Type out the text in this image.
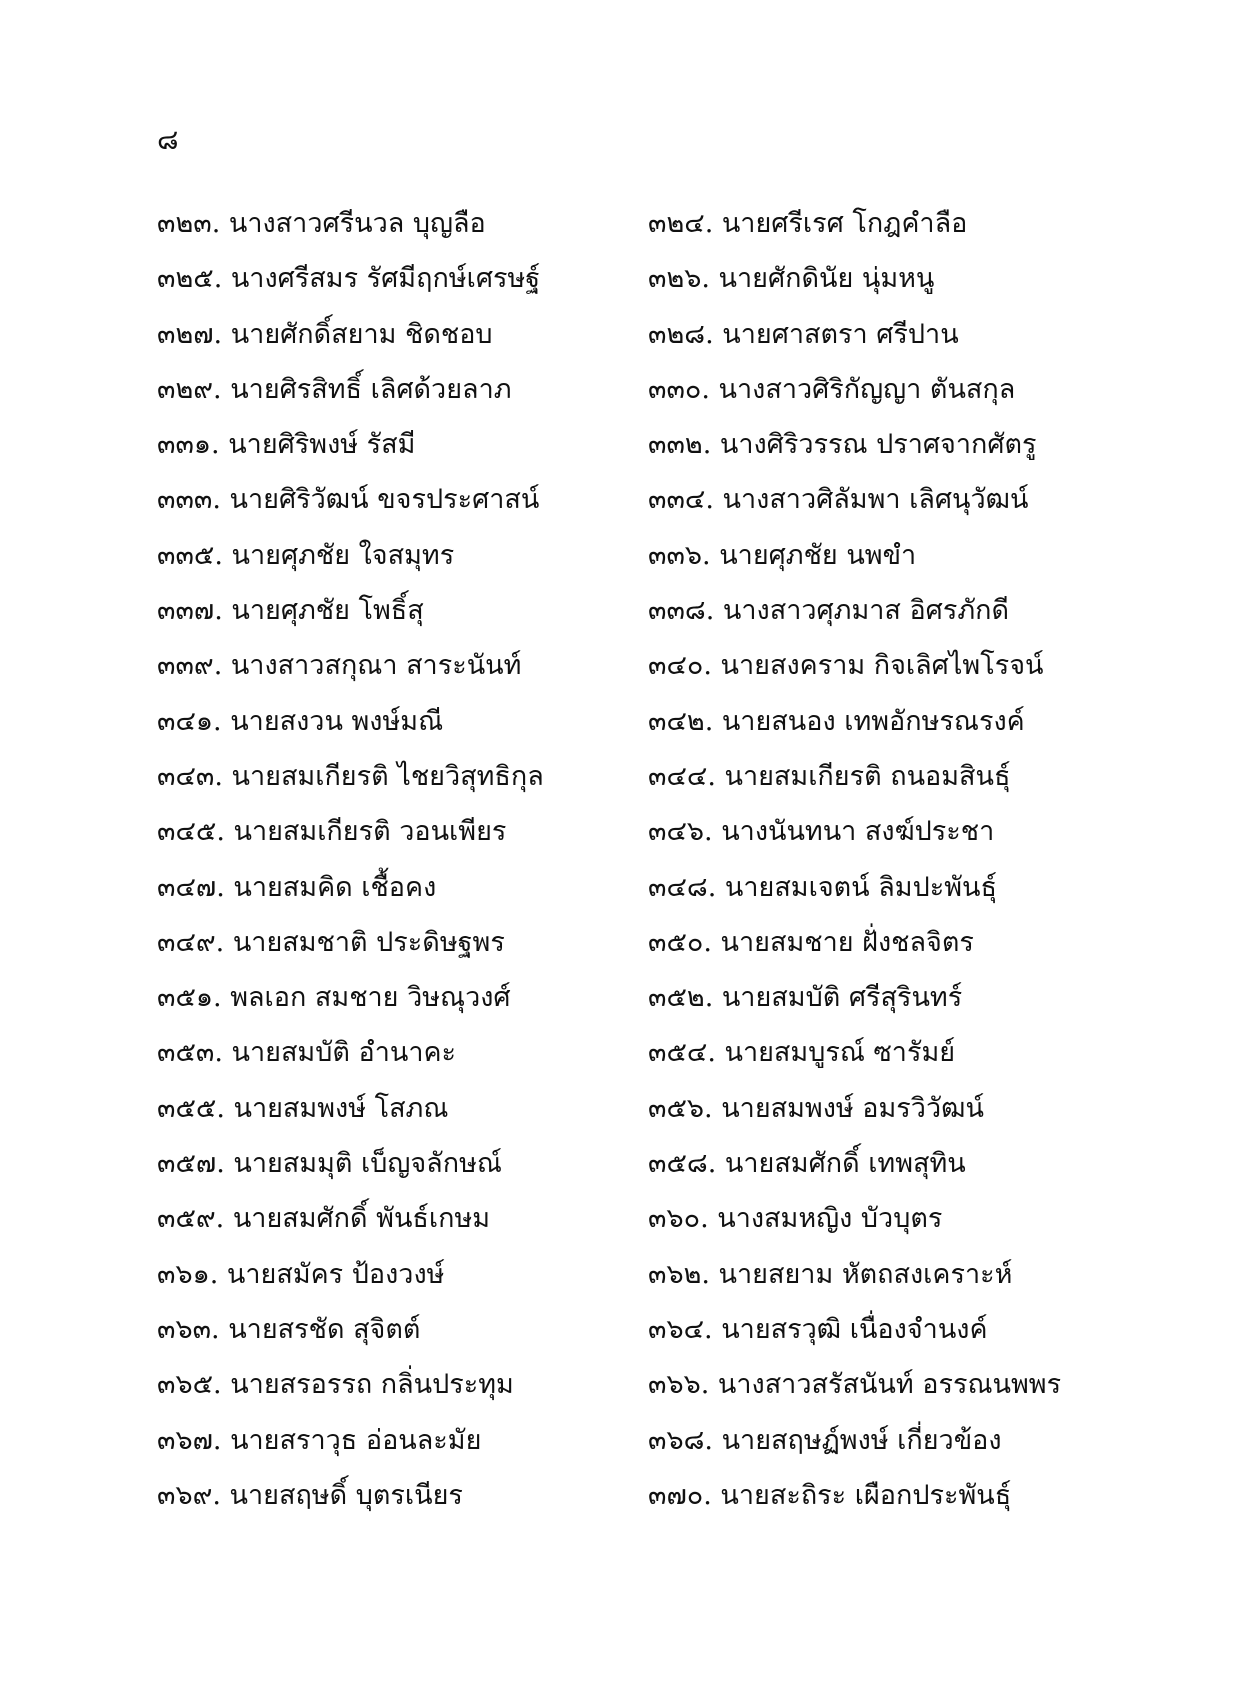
๘
๓๒๓. นางสาวศรีนวล บุญลือ	๓๒๔. นายศรีเรศ โกฎคำลือ
๓๒๕. นางศรีสมร รัศมีฤกษ์เศรษฐ์	๓๒๖. นายศักดินัย นุ่มหนู
๓๒๗. นายศักดิ์สยาม ชิดชอบ	๓๒๘. นายศาสตรา ศรีปาน
๓๒๙. นายศิรสิทธิ์ เลิศด้วยลาภ	๓๓๐. นางสาวศิริกัญญา ตันสกุล
๓๓๑. นายศิริพงษ์ รัสมี	๓๓๒. นางศิริวรรณ ปราศจากศัตรู
๓๓๓. นายศิริวัฒน์ ขจรประศาสน์	๓๓๔. นางสาวศิลัมพา เลิศนุวัฒน์
๓๓๕. นายศุภชัย ใจสมุทร	๓๓๖. นายศุภชัย นพขำ
๓๓๗. นายศุภชัย โพธิ์สุ	๓๓๘. นางสาวศุภมาส อิศรภักดี
๓๓๙. นางสาวสกุณา สาระนันท์	๓๔๐. นายสงคราม กิจเลิศไพโรจน์
๓๔๑. นายสงวน พงษ์มณี	๓๔๒. นายสนอง เทพอักษรณรงค์
๓๔๓. นายสมเกียรติ ไชยวิสุทธิกุล	๓๔๔. นายสมเกียรติ ถนอมสินธุ์
๓๔๕. นายสมเกียรติ วอนเพียร	๓๔๖. นางนันทนา สงฆ์ประชา
๓๔๗. นายสมคิด เชื้อคง	๓๔๘. นายสมเจตน์ ลิมปะพันธุ์
๓๔๙. นายสมชาติ ประดิษฐพร	๓๕๐. นายสมชาย ฝั่งชลจิตร
๓๕๑. พลเอก สมชาย วิษณุวงศ์	๓๕๒. นายสมบัติ ศรีสุรินทร์
๓๕๓. นายสมบัติ อำนาคะ	๓๕๔. นายสมบูรณ์ ซารัมย์
๓๕๕. นายสมพงษ์ โสภณ	๓๕๖. นายสมพงษ์ อมรวิวัฒน์
๓๕๗. นายสมมุติ เบ็ญจลักษณ์	๓๕๘. นายสมศักดิ์ เทพสุทิน
๓๕๙. นายสมศักดิ์ พันธ์เกษม	๓๖๐. นางสมหญิง บัวบุตร
๓๖๑. นายสมัคร ป้องวงษ์	๓๖๒. นายสยาม หัตถสงเคราะห์
๓๖๓. นายสรชัด สุจิตต์	๓๖๔. นายสรวุฒิ เนื่องจำนงค์
๓๖๕. นายสรอรรถ กลิ่นประทุม	๓๖๖. นางสาวสรัสนันท์ อรรณนพพร
๓๖๗. นายสราวุธ อ่อนละมัย	๓๖๘. นายสฤษฏ์พงษ์ เกี่ยวข้อง
๓๖๙. นายสฤษดิ์ บุตรเนียร	๓๗๐. นายสะถิระ เผือกประพันธุ์
